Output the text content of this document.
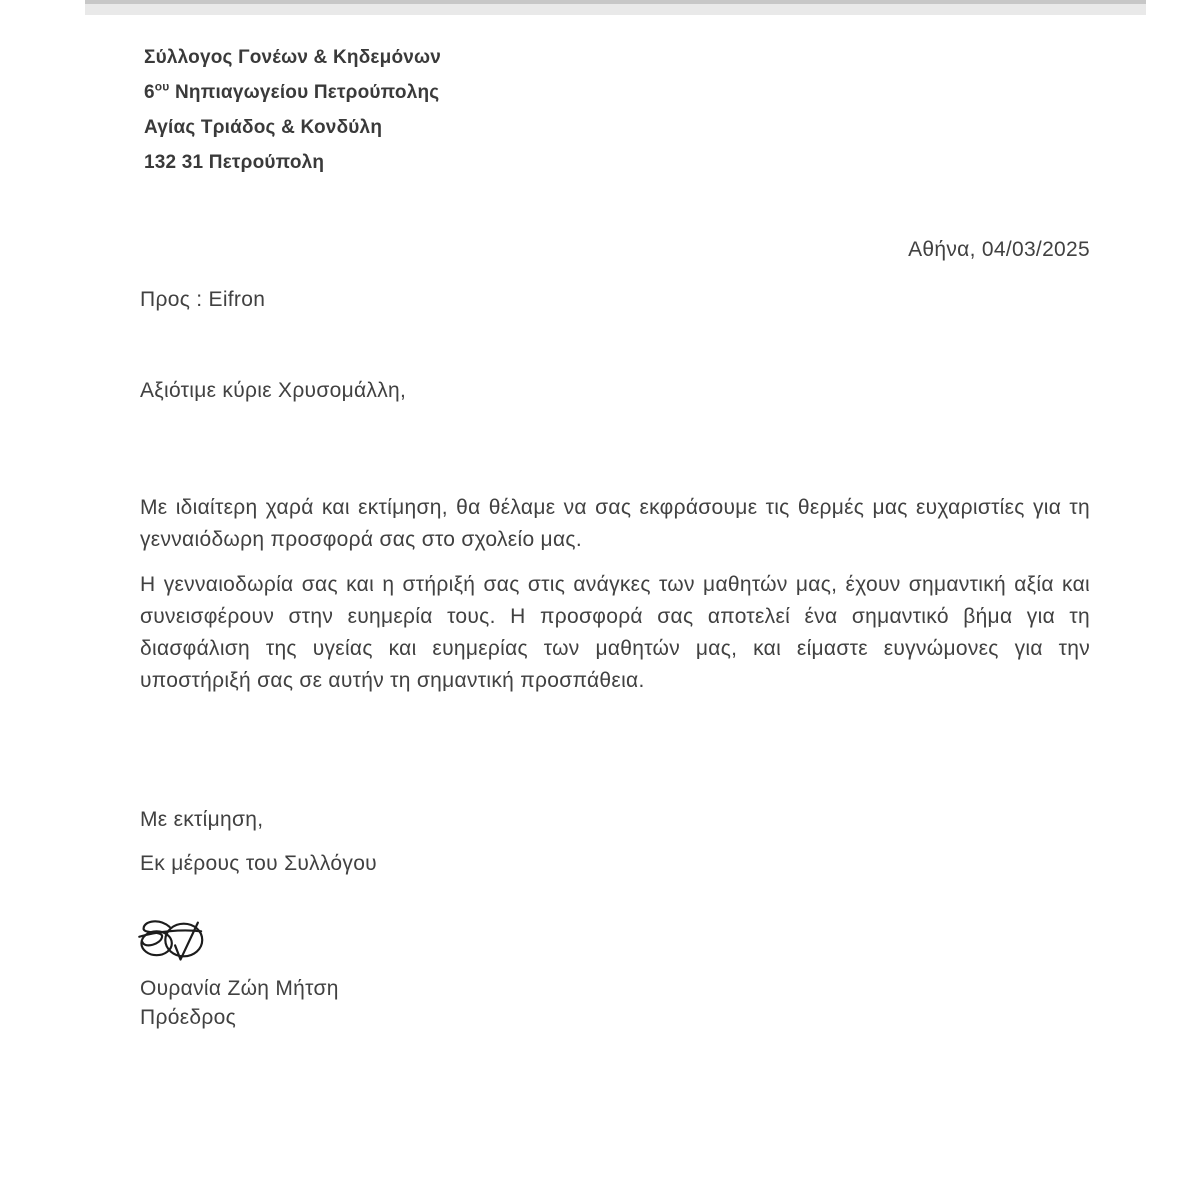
Σύλλογος Γονέων & Κηδεμόνων
$6^{o\upsilon}$ Νηπιαγωγείου Πετρούπολης
Αγίας Τριάδος & Κονδύλη
132 31 Πετρούπολη
Αθήνα, 04/03/2025
Προς : Eifron
Αξιότιμε κύριε Χρυσομάλλη,

Με ιδιαίτερη χαρά και εκτίμηση, θα θέλαμε να σας εκφράσουμε τις θερμές μας ευχαριστίες για τη γενναιόδωρη προσφορά σας στο σχολείο μας.

Η γενναιοδωρία σας και η στήριξή σας στις ανάγκες των μαθητών μας, έχουν σημαντική αξία και συνεισφέρουν στην ευημερία τους. Η προσφορά σας αποτελεί ένα σημαντικό βήμα για τη διασφάλιση της υγείας και ευημερίας των μαθητών μας, και είμαστε ευγνώμονες για την υποστήριξή σας σε αυτήν τη σημαντική προσπάθεια.

Με εκτίμηση,
Εκ μέρους του Συλλόγου
Ουρανία Ζώη Μήτση
Πρόεδρος
